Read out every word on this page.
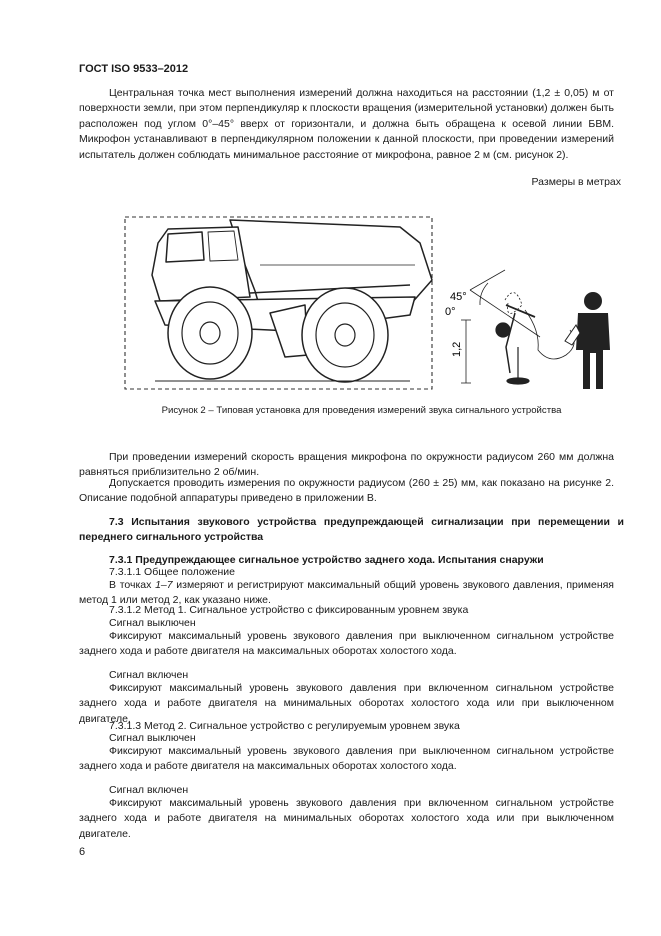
ГОСТ ISO 9533–2012

Центральная точка мест выполнения измерений должна находиться на расстоянии (1,2 ± 0,05) м от поверхности земли, при этом перпендикуляр к плоскости вращения (измерительной установки) должен быть расположен под углом 0°–45° вверх от горизонтали, и должна быть обращена к осевой линии БВМ. Микрофон устанавливают в перпендикулярном положении к данной плоскости, при проведении измерений испытатель должен соблюдать минимальное расстояние от микрофона, равное 2 м (см. рисунок 2).

Размеры в метрах
45°
0°
1,2
Рисунок 2 – Типовая установка для проведения измерений звука сигнального устройства

При проведении измерений скорость вращения микрофона по окружности радиусом 260 мм должна равняться приблизительно 2 об/мин.

Допускается проводить измерения по окружности радиусом (260 ± 25) мм, как показано на рисунке 2. Описание подобной аппаратуры приведено в приложении В.

7.3 Испытания звукового устройства предупреждающей сигнализации при перемещении и переднего сигнального устройства

7.3.1 Предупреждающее сигнальное устройство заднего хода. Испытания снаружи

7.3.1.1 Общее положение

В точках 1–7 измеряют и регистрируют максимальный общий уровень звукового давления, применяя метод 1 или метод 2, как указано ниже.

7.3.1.2 Метод 1. Сигнальное устройство с фиксированным уровнем звука

Сигнал выключен

Фиксируют максимальный уровень звукового давления при выключенном сигнальном устройстве заднего хода и работе двигателя на максимальных оборотах холостого хода.

Сигнал включен

Фиксируют максимальный уровень звукового давления при включенном сигнальном устройстве заднего хода и работе двигателя на минимальных оборотах холостого хода или при выключенном двигателе.

7.3.1.3 Метод 2. Сигнальное устройство с регулируемым уровнем звука

Сигнал выключен

Фиксируют максимальный уровень звукового давления при выключенном сигнальном устройстве заднего хода и работе двигателя на максимальных оборотах холостого хода.

Сигнал включен

Фиксируют максимальный уровень звукового давления при включенном сигнальном устройстве заднего хода и работе двигателя на минимальных оборотах холостого хода или при выключенном двигателе.

6
